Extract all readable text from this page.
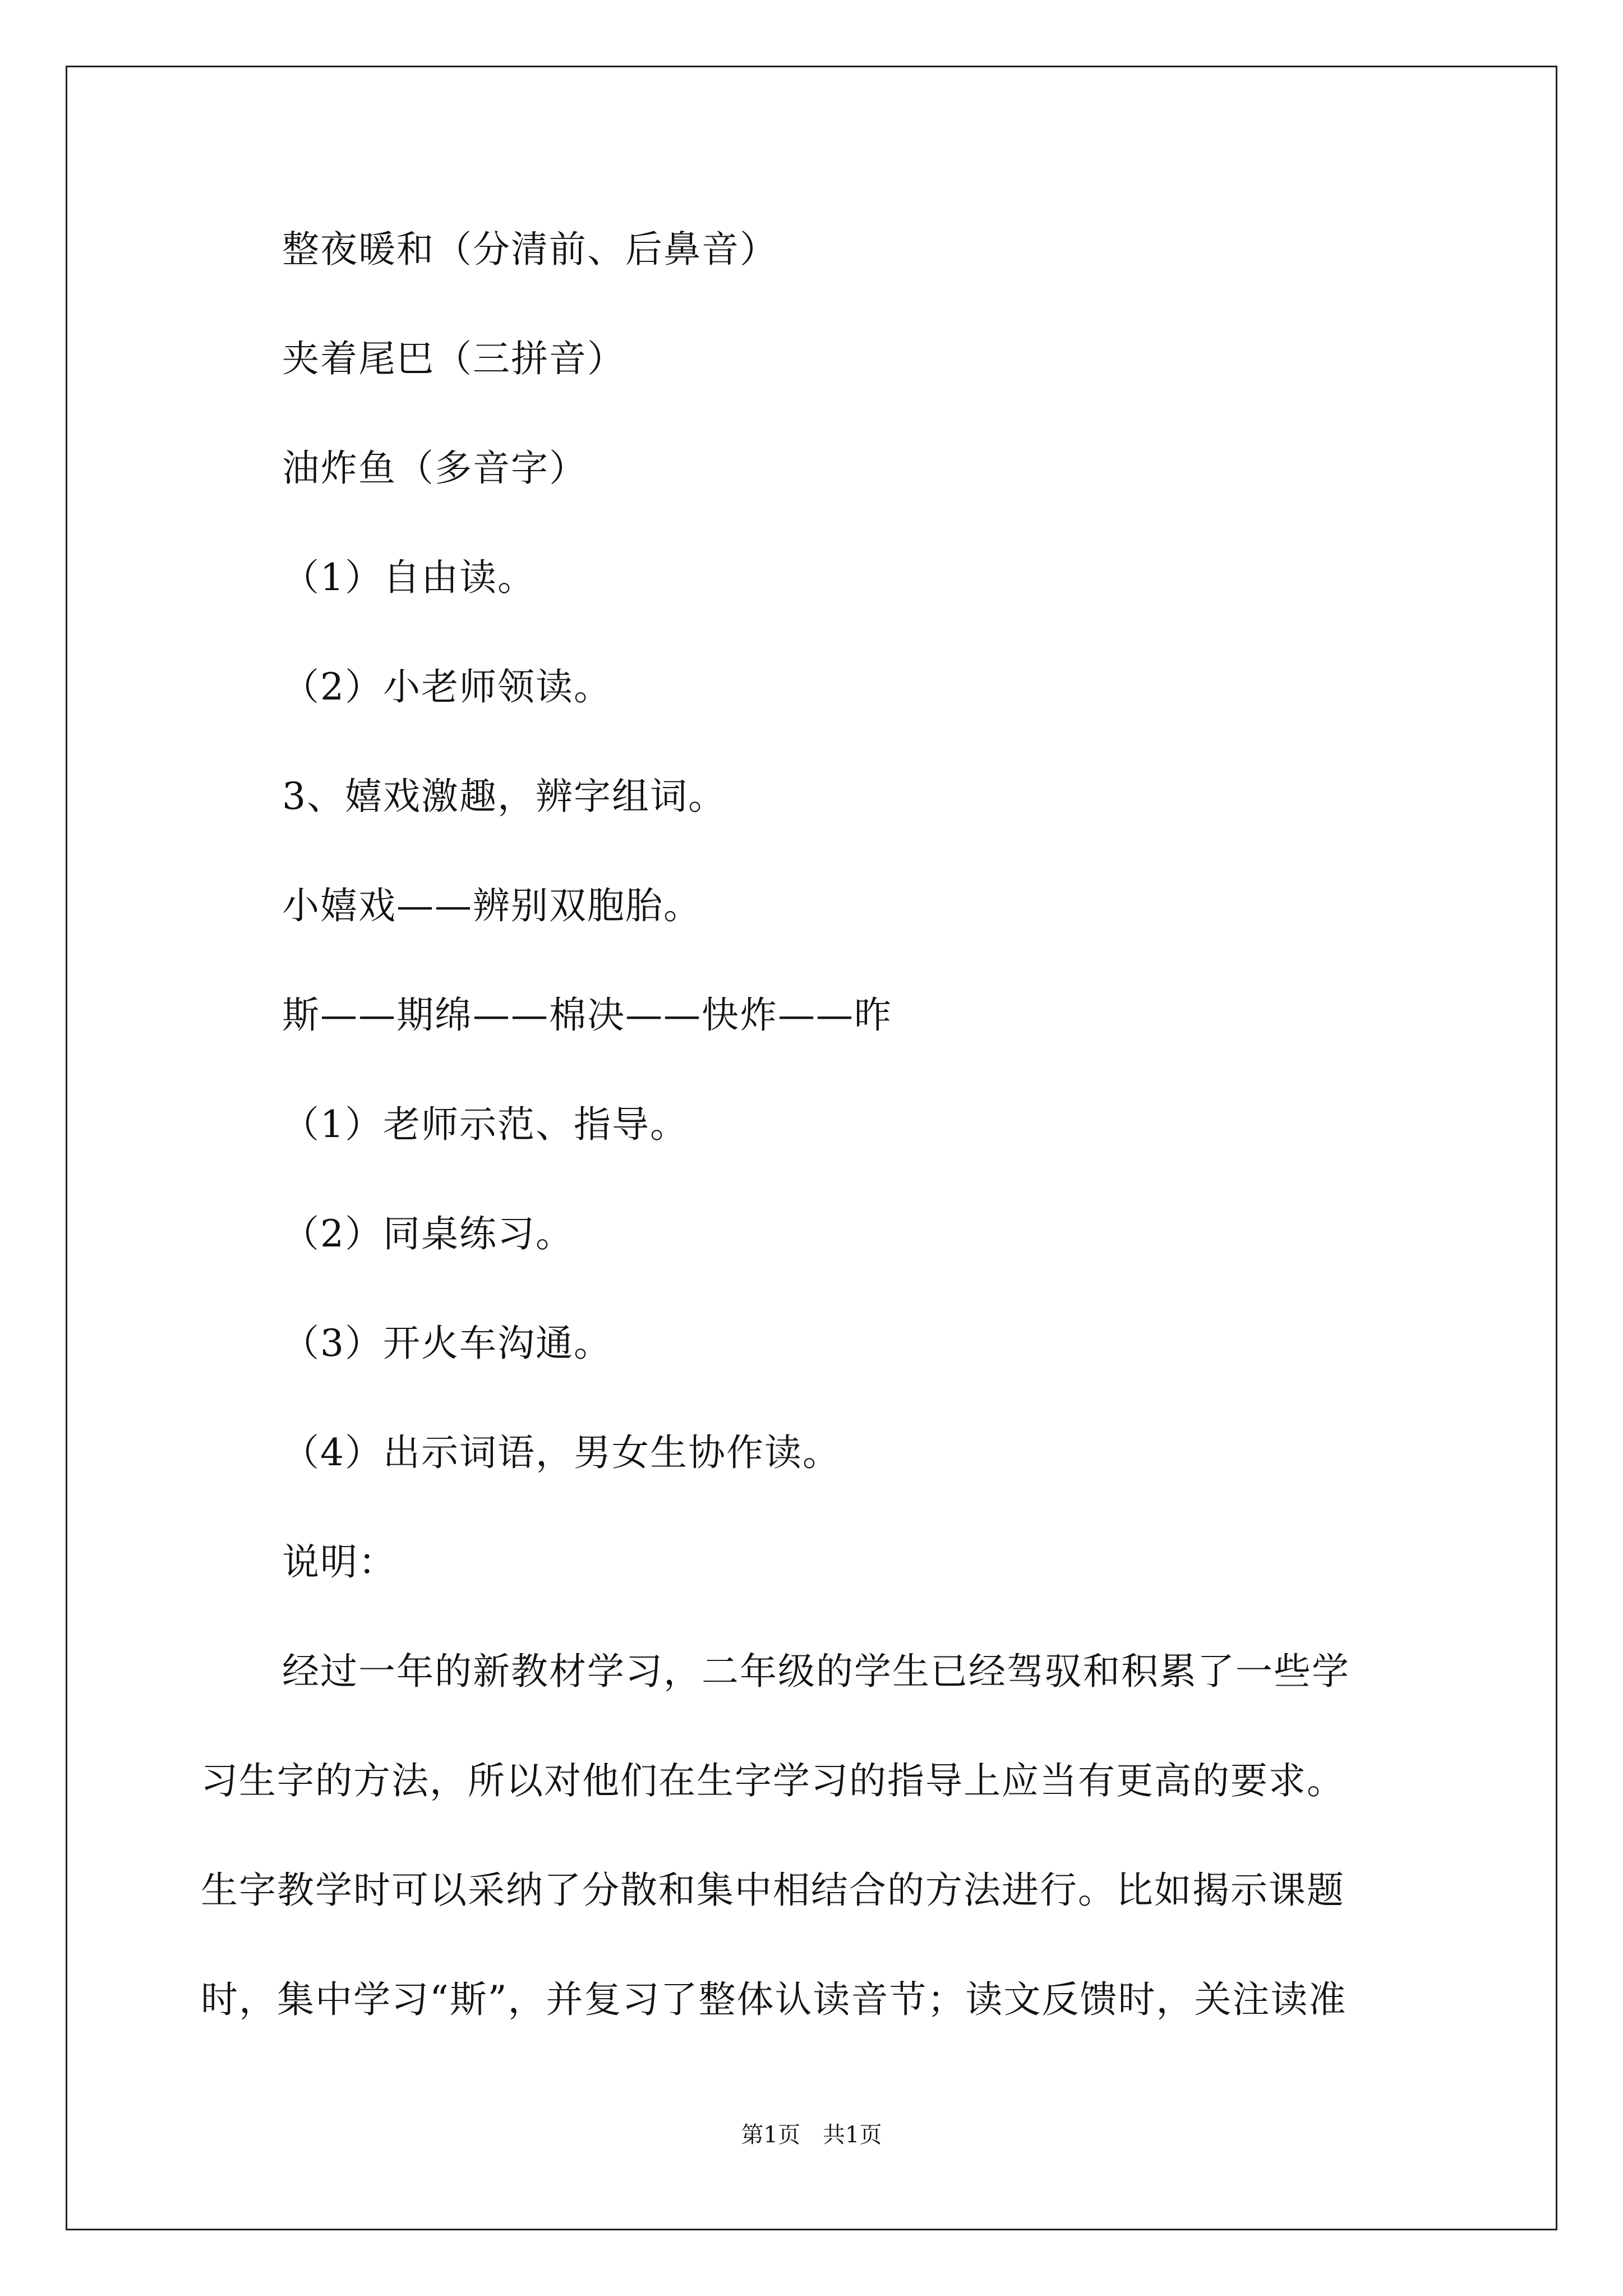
整夜暖和（分清前、后鼻音）
夹着尾巴（三拼音）
油炸鱼（多音字）
（1）自由读。
（2）小老师领读。
3、嬉戏激趣，辨字组词。
小嬉戏——辨别双胞胎。
斯——期绵——棉决——快炸——昨
（1）老师示范、指导。
（2）同桌练习。
（3）开火车沟通。
（4）出示词语，男女生协作读。
说明：
经过一年的新教材学习，二年级的学生已经驾驭和积累了一些学
习生字的方法，所以对他们在生字学习的指导上应当有更高的要求。
生字教学时可以采纳了分散和集中相结合的方法进行。比如揭示课题
时，集中学习“斯”，并复习了整体认读音节；读文反馈时，关注读准
第1页 共1页
